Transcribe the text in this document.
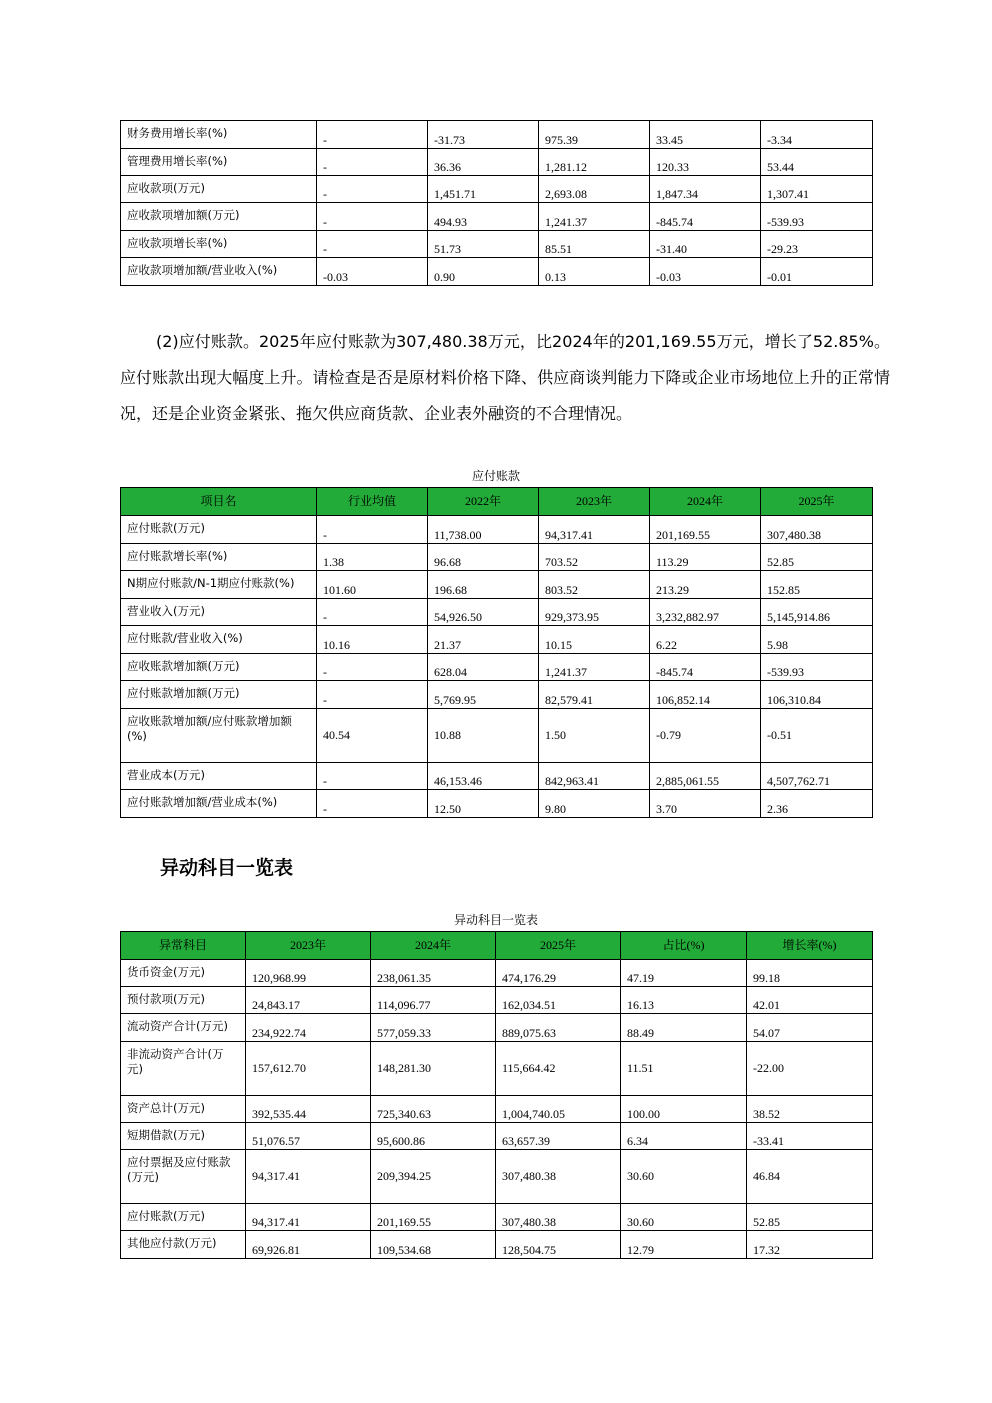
财务费用增长率(%)	-	-31.73	975.39	33.45	-3.34
管理费用增长率(%)	-	36.36	1,281.12	120.33	53.44
应收款项(万元)	-	1,451.71	2,693.08	1,847.34	1,307.41
应收款项增加额(万元)	-	494.93	1,241.37	-845.74	-539.93
应收款项增长率(%)	-	51.73	85.51	-31.40	-29.23
应收款项增加额/营业收入(%)	-0.03	0.90	0.13	-0.03	-0.01

(2)应付账款。2025年应付账款为307,480.38万元，比2024年的201,169.55万元，增长了52.85%。应付账款出现大幅度上升。请检查是否是原材料价格下降、供应商谈判能力下降或企业市场地位上升的正常情况，还是企业资金紧张、拖欠供应商货款、企业表外融资的不合理情况。

应付账款
项目名	行业均值	2022年	2023年	2024年	2025年
应付账款(万元)	-	11,738.00	94,317.41	201,169.55	307,480.38
应付账款增长率(%)	1.38	96.68	703.52	113.29	52.85
N期应付账款/N-1期应付账款(%)	101.60	196.68	803.52	213.29	152.85
营业收入(万元)	-	54,926.50	929,373.95	3,232,882.97	5,145,914.86
应付账款/营业收入(%)	10.16	21.37	10.15	6.22	5.98
应收账款增加额(万元)	-	628.04	1,241.37	-845.74	-539.93
应付账款增加额(万元)	-	5,769.95	82,579.41	106,852.14	106,310.84
应收账款增加额/应付账款增加额(%)	40.54	10.88	1.50	-0.79	-0.51
营业成本(万元)	-	46,153.46	842,963.41	2,885,061.55	4,507,762.71
应付账款增加额/营业成本(%)	-	12.50	9.80	3.70	2.36
异动科目一览表
异动科目一览表
异常科目	2023年	2024年	2025年	占比(%)	增长率(%)
货币资金(万元)	120,968.99	238,061.35	474,176.29	47.19	99.18
预付款项(万元)	24,843.17	114,096.77	162,034.51	16.13	42.01
流动资产合计(万元)	234,922.74	577,059.33	889,075.63	88.49	54.07
非流动资产合计(万元)	157,612.70	148,281.30	115,664.42	11.51	-22.00
资产总计(万元)	392,535.44	725,340.63	1,004,740.05	100.00	38.52
短期借款(万元)	51,076.57	95,600.86	63,657.39	6.34	-33.41
应付票据及应付账款(万元)	94,317.41	209,394.25	307,480.38	30.60	46.84
应付账款(万元)	94,317.41	201,169.55	307,480.38	30.60	52.85
其他应付款(万元)	69,926.81	109,534.68	128,504.75	12.79	17.32
